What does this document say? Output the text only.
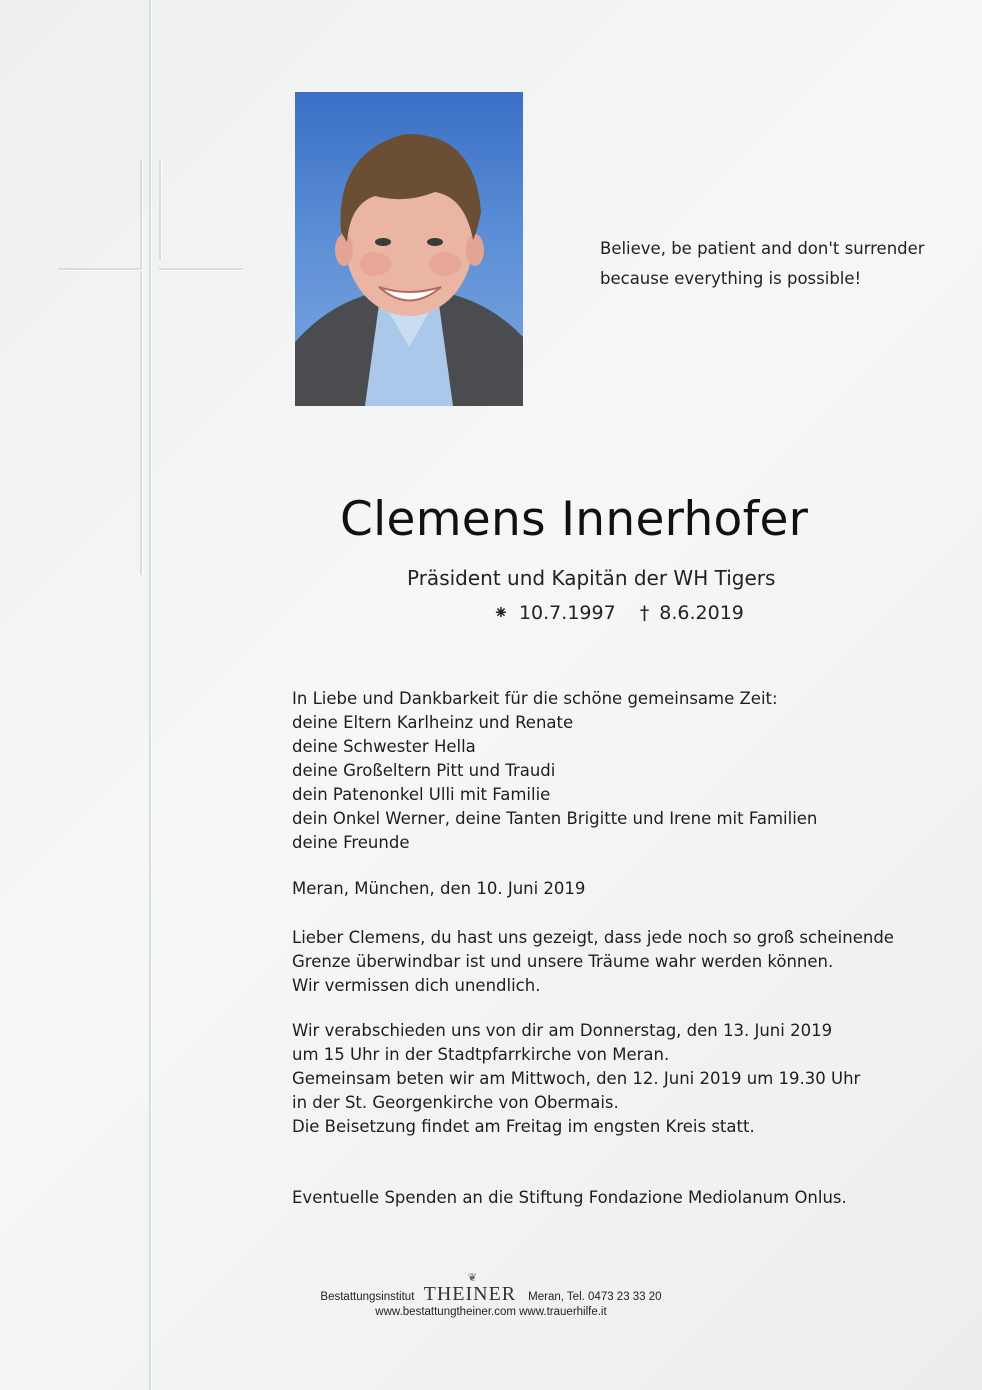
Believe, be patient and don't surrender
because everything is possible!
Clemens Innerhofer
Präsident und Kapitän der WH Tigers
⁕ 10.7.1997 † 8.6.2019
In Liebe und Dankbarkeit für die schöne gemeinsame Zeit:
deine Eltern Karlheinz und Renate
deine Schwester Hella
deine Großeltern Pitt und Traudi
dein Patenonkel Ulli mit Familie
dein Onkel Werner, deine Tanten Brigitte und Irene mit Familien
deine Freunde
Meran, München, den 10. Juni 2019
Lieber Clemens, du hast uns gezeigt, dass jede noch so groß scheinende
Grenze überwindbar ist und unsere Träume wahr werden können.
Wir vermissen dich unendlich.
Wir verabschieden uns von dir am Donnerstag, den 13. Juni 2019
um 15 Uhr in der Stadtpfarrkirche von Meran.
Gemeinsam beten wir am Mittwoch, den 12. Juni 2019 um 19.30 Uhr
in der St. Georgenkirche von Obermais.
Die Beisetzung findet am Freitag im engsten Kreis statt.
Eventuelle Spenden an die Stiftung Fondazione Mediolanum Onlus.
Bestattungsinstitut
❦
THEINER Meran, Tel. 0473 23 33 20
www.bestattungtheiner.com www.trauerhilfe.it
